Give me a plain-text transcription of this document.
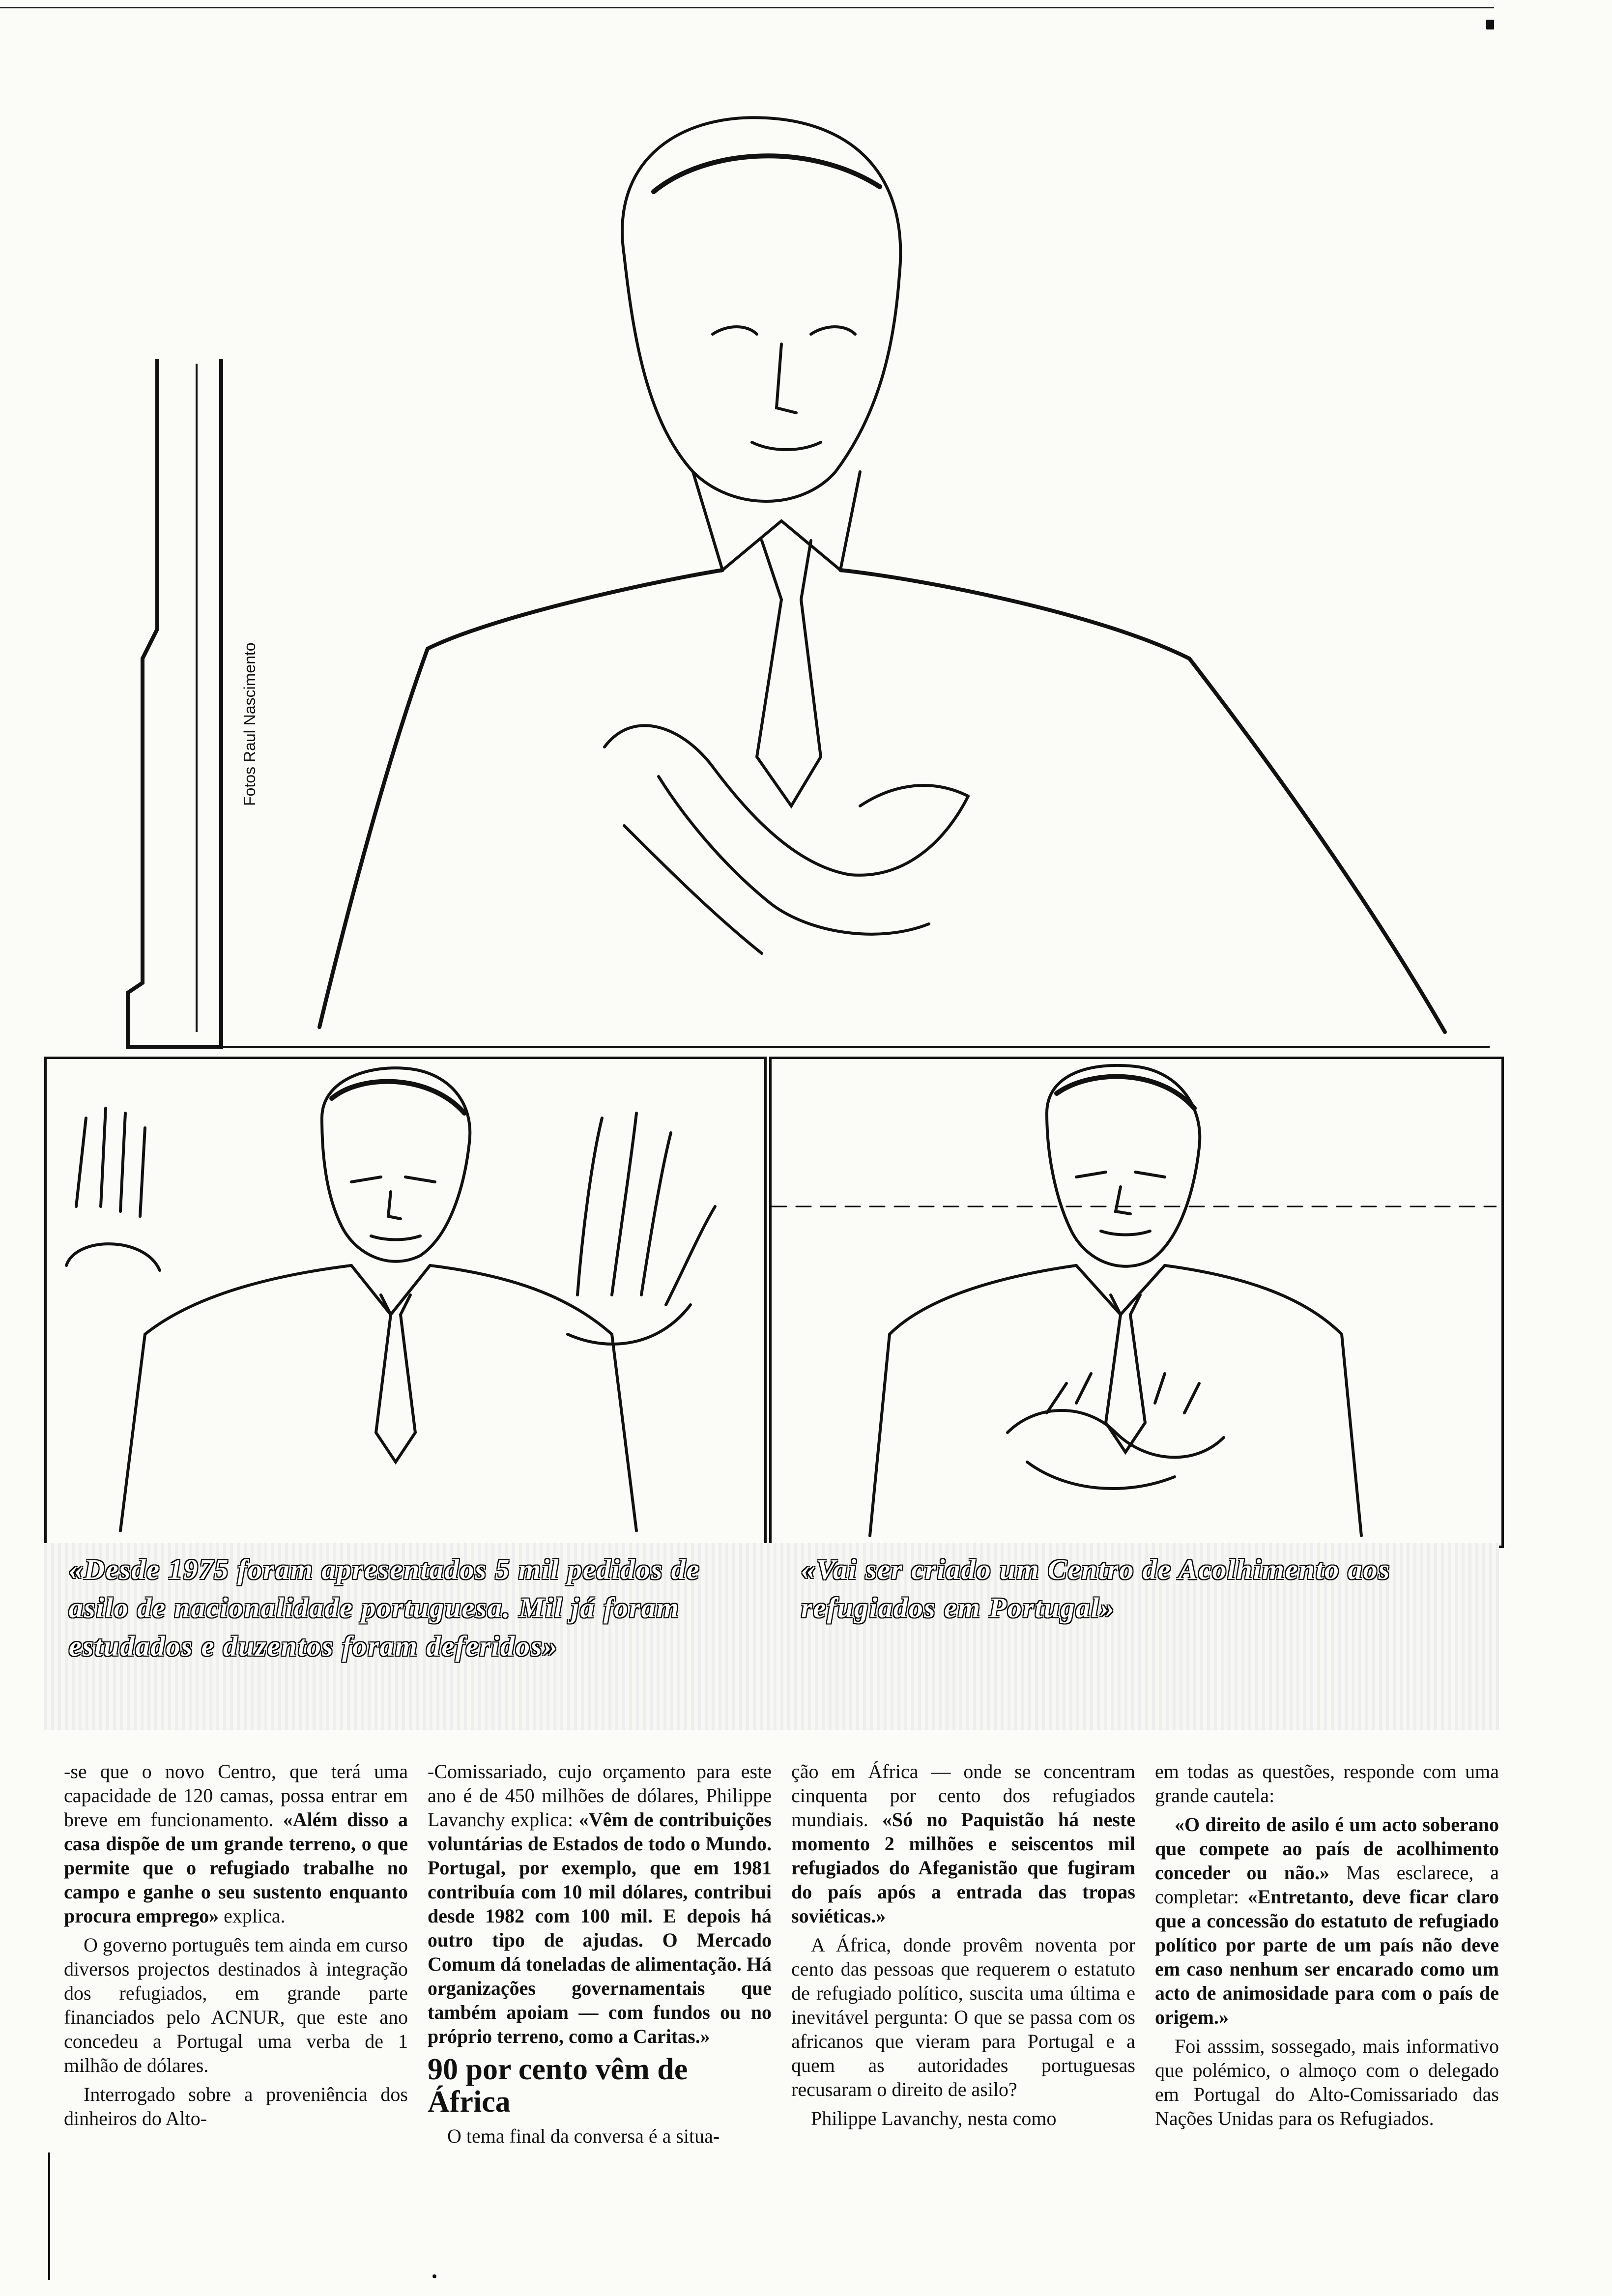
Fotos Raul Nascimento
«Desde 1975 foram apresentados 5 mil pedidos de asilo de nacionalidade portuguesa. Mil já foram estudados e duzentos foram deferidos»
«Vai ser criado um Centro de Acolhimento aos refugiados em Portugal»

-se que o novo Centro, que terá uma capacidade de 120 camas, possa entrar em breve em funcionamento. «Além disso a casa dispõe de um grande terreno, o que permite que o refugiado trabalhe no campo e ganhe o seu sustento enquanto procura emprego» explica.

O governo português tem ainda em curso diversos projectos destinados à integração dos refugiados, em grande parte financiados pelo ACNUR, que este ano concedeu a Portugal uma verba de 1 milhão de dólares.

Interrogado sobre a proveniência dos dinheiros do Alto-

-Comissariado, cujo orçamento para este ano é de 450 milhões de dólares, Philippe Lavanchy explica: «Vêm de contribuições voluntárias de Estados de todo o Mundo. Portugal, por exemplo, que em 1981 contribuía com 10 mil dólares, contribui desde 1982 com 100 mil. E depois há outro tipo de ajudas. O Mercado Comum dá toneladas de alimentação. Há organizações governamentais que também apoiam — com fundos ou no próprio terreno, como a Caritas.»

90 por cento vêm de África

O tema final da conversa é a situa-

ção em África — onde se concentram cinquenta por cento dos refugiados mundiais. «Só no Paquistão há neste momento 2 milhões e seiscentos mil refugiados do Afeganistão que fugiram do país após a entrada das tropas soviéticas.»

A África, donde provêm noventa por cento das pessoas que requerem o estatuto de refugiado político, suscita uma última e inevitável pergunta: O que se passa com os africanos que vieram para Portugal e a quem as autoridades portuguesas recusaram o direito de asilo?

Philippe Lavanchy, nesta como

em todas as questões, responde com uma grande cautela:

«O direito de asilo é um acto soberano que compete ao país de acolhimento conceder ou não.» Mas esclarece, a completar: «Entretanto, deve ficar claro que a concessão do estatuto de refugiado político por parte de um país não deve em caso nenhum ser encarado como um acto de animosidade para com o país de origem.»

Foi asssim, sossegado, mais informativo que polémico, o almoço com o delegado em Portugal do Alto-Comissariado das Nações Unidas para os Refugiados.
